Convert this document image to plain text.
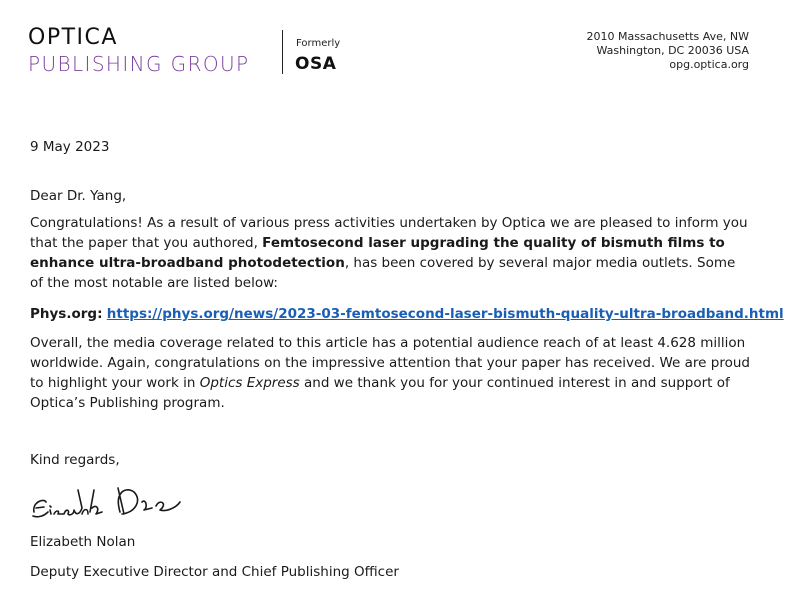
OPTICA
PUBLISHING GROUP
Formerly
OSA
2010 Massachusetts Ave, NW
Washington, DC 20036 USA
opg.optica.org
9 May 2023
Dear Dr. Yang,
Congratulations! As a result of various press activities undertaken by Optica we are pleased to inform you that the paper that you authored, Femtosecond laser upgrading the quality of bismuth films to enhance ultra-broadband photodetection, has been covered by several major media outlets. Some of the most notable are listed below:
Phys.org: https://phys.org/news/2023-03-femtosecond-laser-bismuth-quality-ultra-broadband.html
Overall, the media coverage related to this article has a potential audience reach of at least 4.628 million worldwide. Again, congratulations on the impressive attention that your paper has received. We are proud to highlight your work in Optics Express and we thank you for your continued interest in and support of Optica’s Publishing program.
Kind regards,
Elizabeth Nolan
Deputy Executive Director and Chief Publishing Officer
